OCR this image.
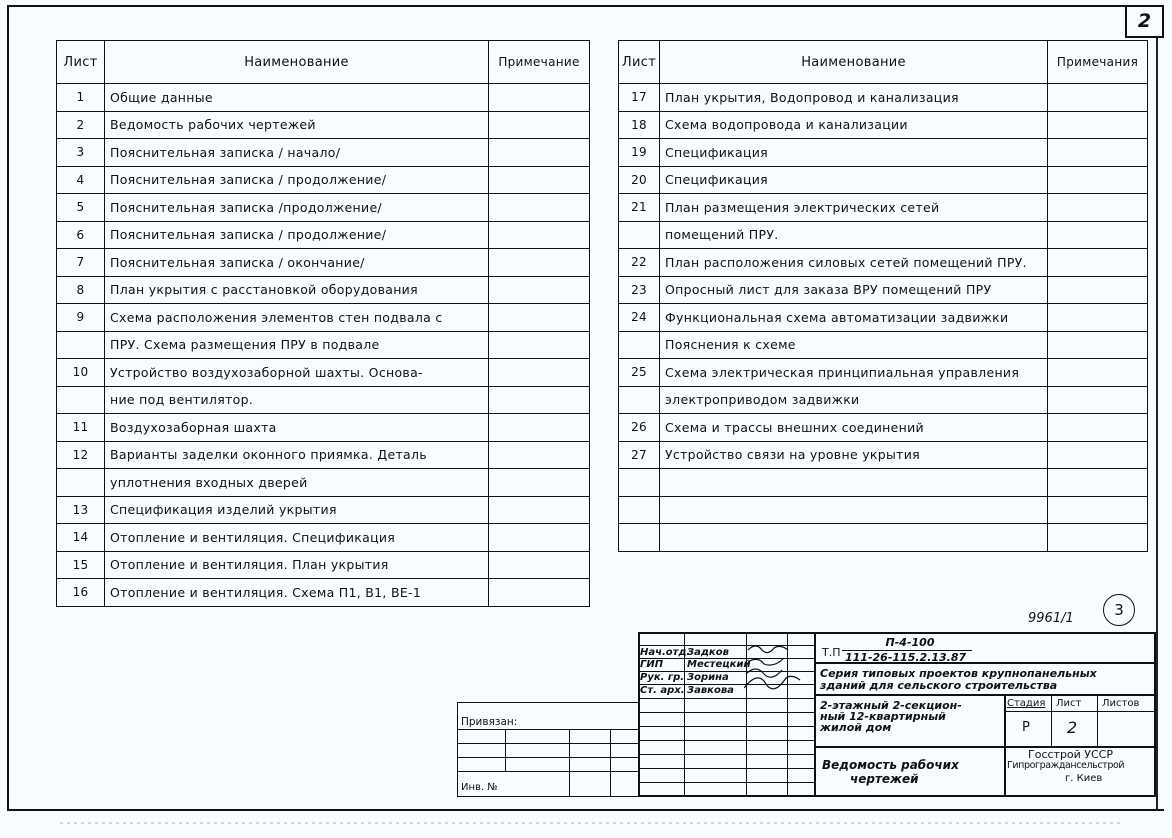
2
Лист	Наименование	Примечание
1	Общие данные	
2	Ведомость рабочих чертежей	
3	Пояснительная записка / начало/	
4	Пояснительная записка / продолжение/	
5	Пояснительная записка /продолжение/	
6	Пояснительная записка / продолжение/	
7	Пояснительная записка / окончание/	
8	План укрытия с расстановкой оборудования	
9	Схема расположения элементов стен подвала с	
	ПРУ. Схема размещения ПРУ в подвале	
10	Устройство воздухозаборной шахты. Основа-	
	ние под вентилятор.	
11	Воздухозаборная шахта	
12	Варианты заделки оконного приямка. Деталь	
	уплотнения входных дверей	
13	Спецификация изделий укрытия	
14	Отопление и вентиляция. Спецификация	
15	Отопление и вентиляция. План укрытия	
16	Отопление и вентиляция. Схема П1, В1, ВЕ-1	
Лист	Наименование	Примечания
17	План укрытия, Водопровод и канализация	
18	Схема водопровода и канализации	
19	Спецификация	
20	Спецификация	
21	План размещения электрических сетей	
	помещений ПРУ.	
22	План расположения силовых сетей помещений ПРУ.	
23	Опросный лист для заказа ВРУ помещений ПРУ	
24	Функциональная схема автоматизации задвижки	
	Пояснения к схеме	
25	Схема электрическая принципиальная управления	
	электроприводом задвижки	
26	Схема и трассы внешних соединений	
27	Устройство связи на уровне укрытия	

9961/1	3
Нач.отд.
Задков
ГИП Местецкий
Рук. гр. Зорина
Ст. арх. Завкова
Т.П
П-4-100
111-26-115.2.13.87
Серия типовых проектов крупнопанельных
зданий для сельского строительства
2-этажный 2-секцион-
ный 12-квартирный
жилой дом
Стадия Лист Листов
Р 2
Ведомость рабочих
чертежей
Госстрой УССР
Гипрограждансельстрой
г. Киев
Привязан:
Инв. №
